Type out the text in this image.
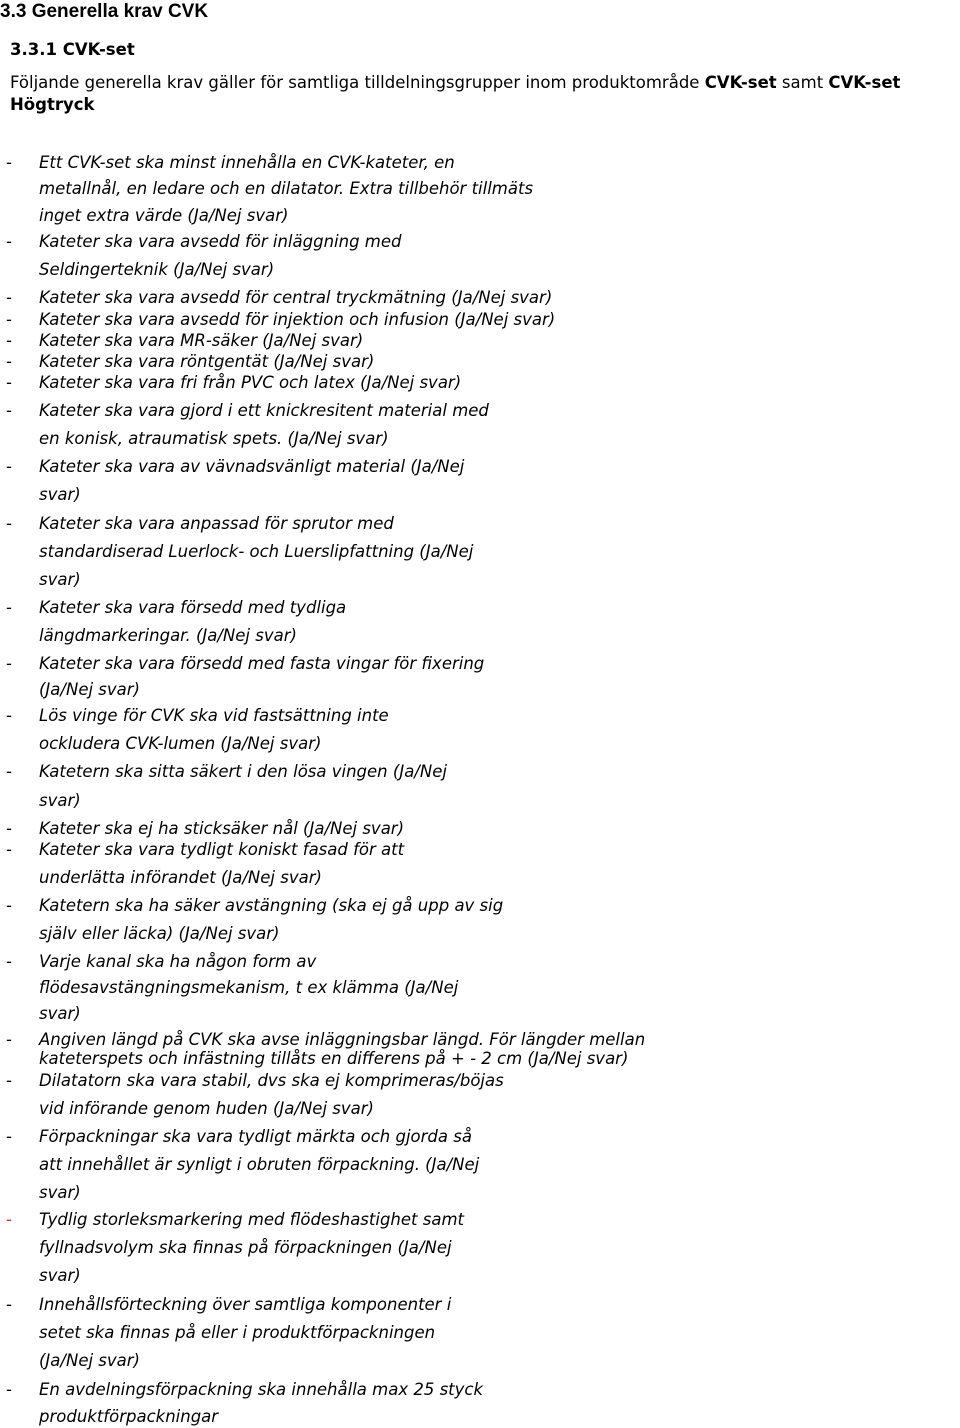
3.3 Generella krav CVK
3.3.1 CVK-set
Följande generella krav gäller för samtliga tilldelningsgrupper inom produktområde CVK-set samt CVK-set Högtryck
- Ett CVK-set ska minst innehålla en CVK-kateter, en
metallnål, en ledare och en dilatator. Extra tillbehör tillmäts
inget extra värde (Ja/Nej svar)
- Kateter ska vara avsedd för inläggning med
Seldingerteknik (Ja/Nej svar)
- Kateter ska vara avsedd för central tryckmätning (Ja/Nej svar)
- Kateter ska vara avsedd för injektion och infusion (Ja/Nej svar)
- Kateter ska vara MR-säker (Ja/Nej svar)
- Kateter ska vara röntgentät (Ja/Nej svar)
- Kateter ska vara fri från PVC och latex (Ja/Nej svar)
- Kateter ska vara gjord i ett knickresitent material med
en konisk, atraumatisk spets. (Ja/Nej svar)
- Kateter ska vara av vävnadsvänligt material (Ja/Nej
svar)
- Kateter ska vara anpassad för sprutor med
standardiserad Luerlock- och Luerslipfattning (Ja/Nej
svar)
- Kateter ska vara försedd med tydliga
längdmarkeringar. (Ja/Nej svar)
- Kateter ska vara försedd med fasta vingar för fixering
(Ja/Nej svar)
- Lös vinge för CVK ska vid fastsättning inte
ockludera CVK-lumen (Ja/Nej svar)
- Katetern ska sitta säkert i den lösa vingen (Ja/Nej
svar)
- Kateter ska ej ha sticksäker nål (Ja/Nej svar)
- Kateter ska vara tydligt koniskt fasad för att
underlätta införandet (Ja/Nej svar)
- Katetern ska ha säker avstängning (ska ej gå upp av sig
själv eller läcka) (Ja/Nej svar)
- Varje kanal ska ha någon form av
flödesavstängningsmekanism, t ex klämma (Ja/Nej
svar)
- Angiven längd på CVK ska avse inläggningsbar längd. För längder mellan
kateterspets och infästning tillåts en differens på + - 2 cm (Ja/Nej svar)
- Dilatatorn ska vara stabil, dvs ska ej komprimeras/böjas
vid införande genom huden (Ja/Nej svar)
- Förpackningar ska vara tydligt märkta och gjorda så
att innehållet är synligt i obruten förpackning. (Ja/Nej
svar)
- Tydlig storleksmarkering med flödeshastighet samt
fyllnadsvolym ska finnas på förpackningen (Ja/Nej
svar)
- Innehållsförteckning över samtliga komponenter i
setet ska finnas på eller i produktförpackningen
(Ja/Nej svar)
- En avdelningsförpackning ska innehålla max 25 styck
produktförpackningar
